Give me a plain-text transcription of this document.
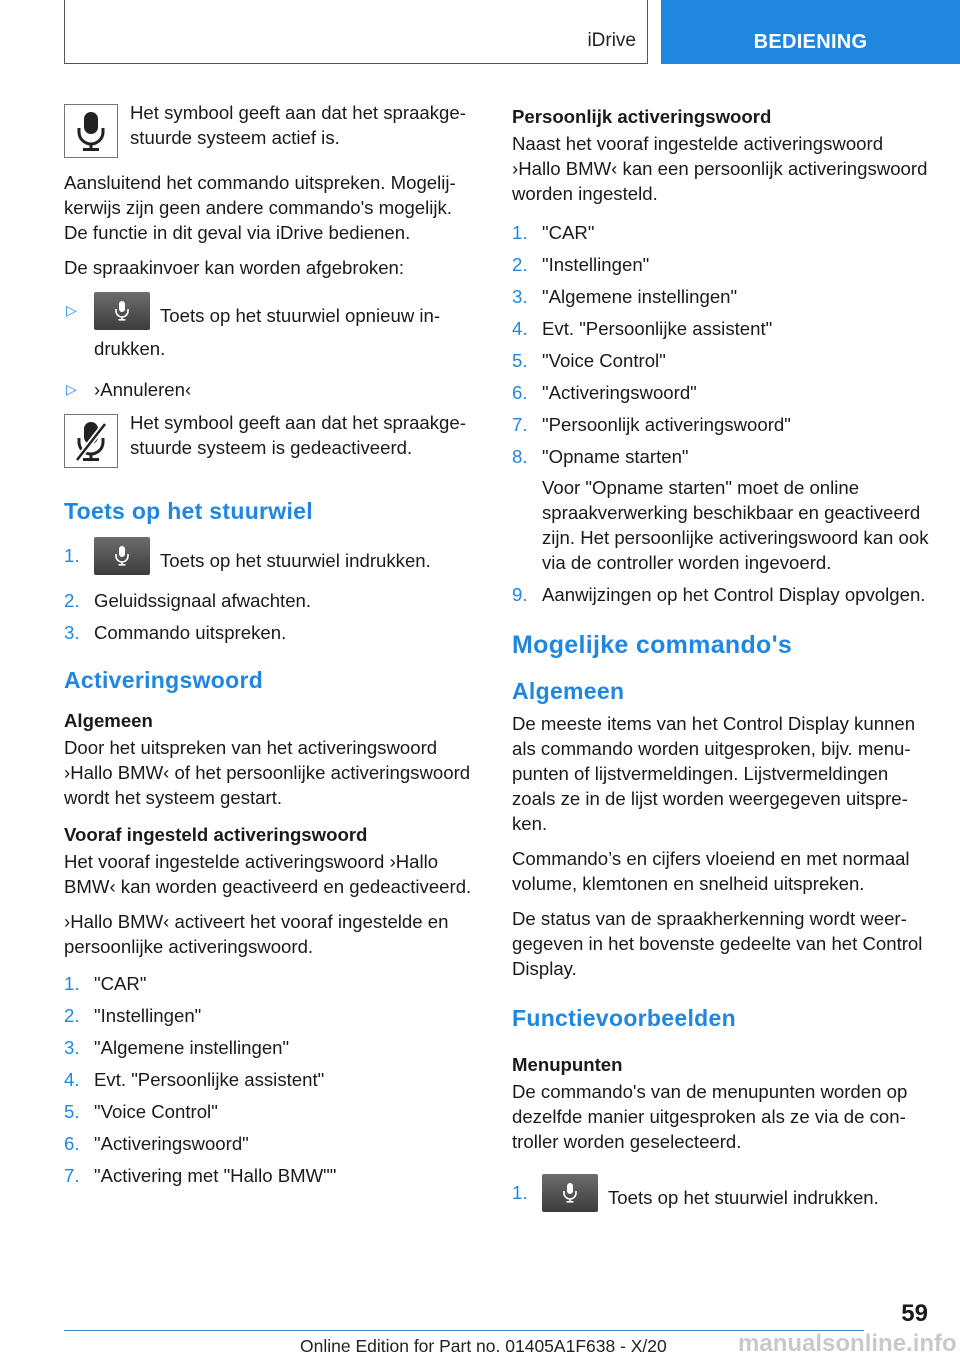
iDrive	BEDIENING

Het symbool geeft aan dat het spraakgestuurde systeem actief is.

Aansluitend het commando uitspreken. Mogelijkerwijs zijn geen andere commando's mogelijk. De functie in dit geval via iDrive bedienen.

De spraakinvoer kan worden afgebroken:

▷	Toets op het stuurwiel opnieuw indrukken.
▷ ›Annuleren‹

Het symbool geeft aan dat het spraakgestuurde systeem is gedeactiveerd.

Toets op het stuurwiel
1.	Toets op het stuurwiel indrukken.
2. Geluidssignaal afwachten.
3. Commando uitspreken.
Activeringswoord
Algemeen

Door het uitspreken van het activeringswoord ›Hallo BMW‹ of het persoonlijke activeringswoord wordt het systeem gestart.

Vooraf ingesteld activeringswoord

Het vooraf ingestelde activeringswoord ›Hallo BMW‹ kan worden geactiveerd en gedeactiveerd.

›Hallo BMW‹ activeert het vooraf ingestelde en persoonlijke activeringswoord.

1. "CAR"
2. "Instellingen"
3. "Algemene instellingen"
4. Evt. "Persoonlijke assistent"
5. "Voice Control"
6. "Activeringswoord"
7. "Activering met "Hallo BMW""
Persoonlijk activeringswoord

Naast het vooraf ingestelde activeringswoord ›Hallo BMW‹ kan een persoonlijk activeringswoord worden ingesteld.

1. "CAR"
2. "Instellingen"
3. "Algemene instellingen"
4. Evt. "Persoonlijke assistent"
5. "Voice Control"
6. "Activeringswoord"
7. "Persoonlijk activeringswoord"
8. "Opname starten"
Voor "Opname starten" moet de online spraakverwerking beschikbaar en geactiveerd zijn. Het persoonlijke activeringswoord kan ook via de controller worden ingevoerd.
9. Aanwijzingen op het Control Display opvolgen.
Mogelijke commando's
Algemeen

De meeste items van het Control Display kunnen als commando worden uitgesproken, bijv. menupunten of lijstvermeldingen. Lijstvermeldingen zoals ze in de lijst worden weergegeven uitspreken.

Commando’s en cijfers vloeiend en met normaal volume, klemtonen en snelheid uitspreken.

De status van de spraakherkenning wordt weergegeven in het bovenste gedeelte van het Control Display.

Functievoorbeelden
Menupunten

De commando's van de menupunten worden op dezelfde manier uitgesproken als ze via de controller worden geselecteerd.

1.	Toets op het stuurwiel indrukken.
59
Online Edition for Part no. 01405A1F638 - X/20	manualsonline.info
